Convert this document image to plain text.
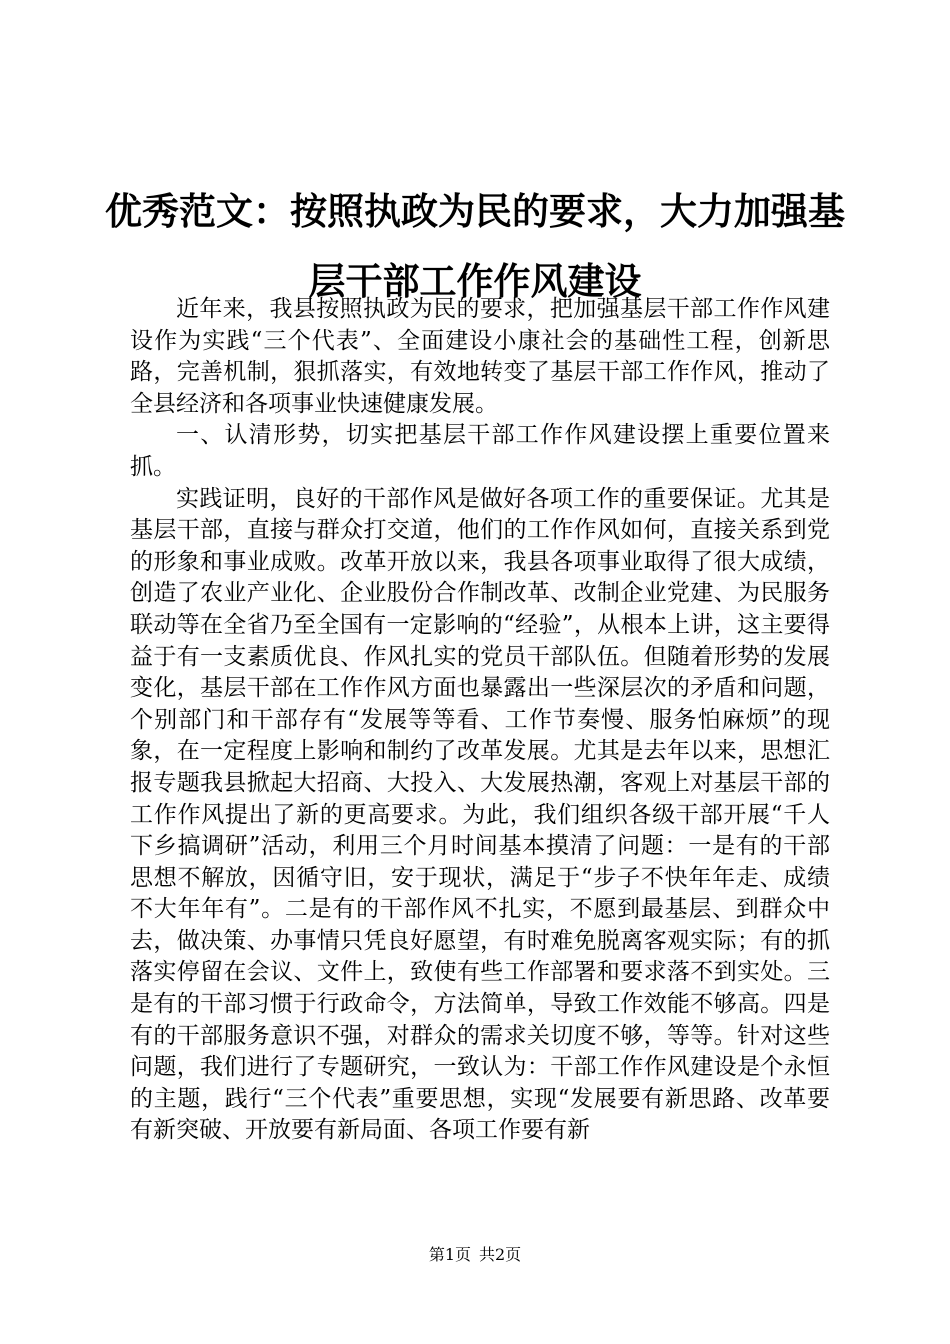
优秀范文：按照执政为民的要求，大力加强基
层干部工作作风建设

近年来，我县按照执政为民的要求，把加强基层干部工作作风建设作为实践“三个代表”、全面建设小康社会的基础性工程，创新思路，完善机制，狠抓落实，有效地转变了基层干部工作作风，推动了全县经济和各项事业快速健康发展。

一、认清形势，切实把基层干部工作作风建设摆上重要位置来抓。

实践证明，良好的干部作风是做好各项工作的重要保证。尤其是基层干部，直接与群众打交道，他们的工作作风如何，直接关系到党的形象和事业成败。改革开放以来，我县各项事业取得了很大成绩，创造了农业产业化、企业股份合作制改革、改制企业党建、为民服务联动等在全省乃至全国有一定影响的“经验”，从根本上讲，这主要得益于有一支素质优良、作风扎实的党员干部队伍。但随着形势的发展变化，基层干部在工作作风方面也暴露出一些深层次的矛盾和问题，个别部门和干部存有“发展等等看、工作节奏慢、服务怕麻烦”的现象，在一定程度上影响和制约了改革发展。尤其是去年以来，思想汇报专题我县掀起大招商、大投入、大发展热潮，客观上对基层干部的工作作风提出了新的更高要求。为此，我们组织各级干部开展“千人下乡搞调研”活动，利用三个月时间基本摸清了问题：一是有的干部思想不解放，因循守旧，安于现状，满足于“步子不快年年走、成绩不大年年有”。二是有的干部作风不扎实，不愿到最基层、到群众中去，做决策、办事情只凭良好愿望，有时难免脱离客观实际；有的抓落实停留在会议、文件上，致使有些工作部署和要求落不到实处。三是有的干部习惯于行政命令，方法简单，导致工作效能不够高。四是有的干部服务意识不强，对群众的需求关切度不够，等等。针对这些问题，我们进行了专题研究，一致认为：干部工作作风建设是个永恒的主题，践行“三个代表”重要思想，实现“发展要有新思路、改革要有新突破、开放要有新局面、各项工作要有新

第1页 共2页
